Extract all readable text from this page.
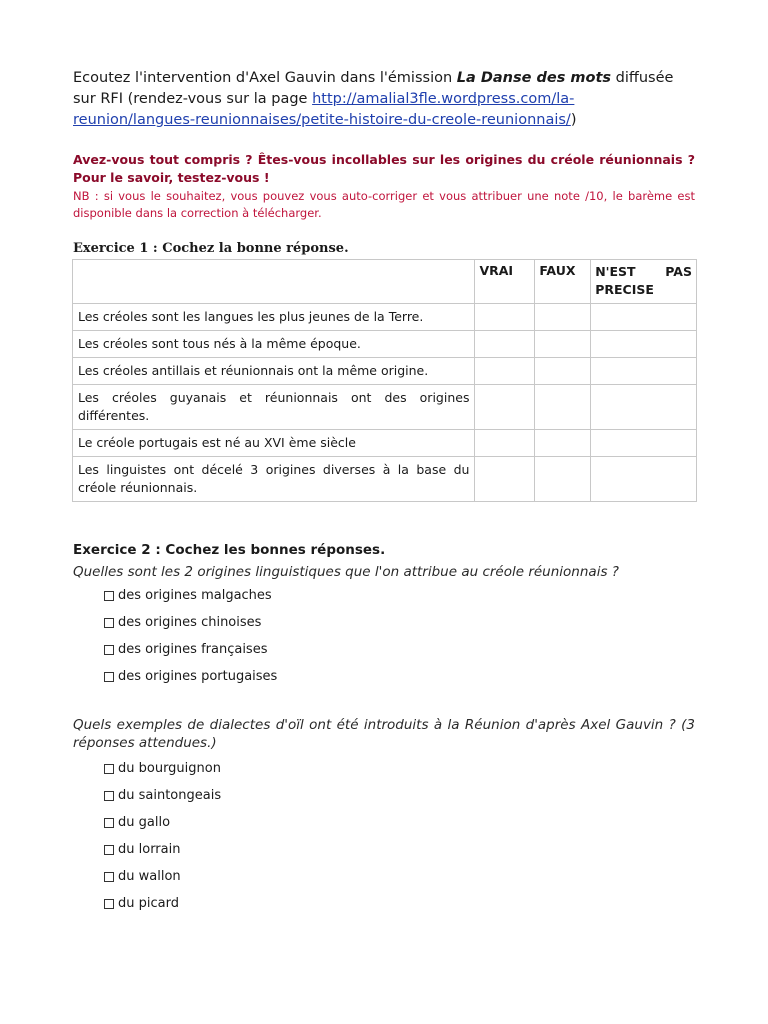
Ecoutez l'intervention d'Axel Gauvin dans l'émission La Danse des mots diffusée sur RFI (rendez-vous sur la page http://amalial3fle.wordpress.com/la-reunion/langues-reunionnaises/petite-histoire-du-creole-reunionnais/)
Avez-vous tout compris ? Êtes-vous incollables sur les origines du créole réunionnais ? Pour le savoir, testez-vous !
NB : si vous le souhaitez, vous pouvez vous auto-corriger et vous attribuer une note /10, le barème est disponible dans la correction à télécharger.
Exercice 1 : Cochez la bonne réponse.
	VRAI	FAUX	N'EST PAS
PRECISE

Les créoles sont les langues les plus jeunes de la Terre.			
Les créoles sont tous nés à la même époque.			
Les créoles antillais et réunionnais ont la même origine.			
Les créoles guyanais et réunionnais ont des origines différentes.			
Le créole portugais est né au XVI ème siècle			
Les linguistes ont décelé 3 origines diverses à la base du créole réunionnais.			
Exercice 2 : Cochez les bonnes réponses.
Quelles sont les 2 origines linguistiques que l'on attribue au créole réunionnais ?
des origines malgaches
des origines chinoises
des origines françaises
des origines portugaises
Quels exemples de dialectes d'oïl ont été introduits à la Réunion d'après Axel Gauvin ? (3 réponses attendues.)
du bourguignon
du saintongeais
du gallo
du lorrain
du wallon
du picard
